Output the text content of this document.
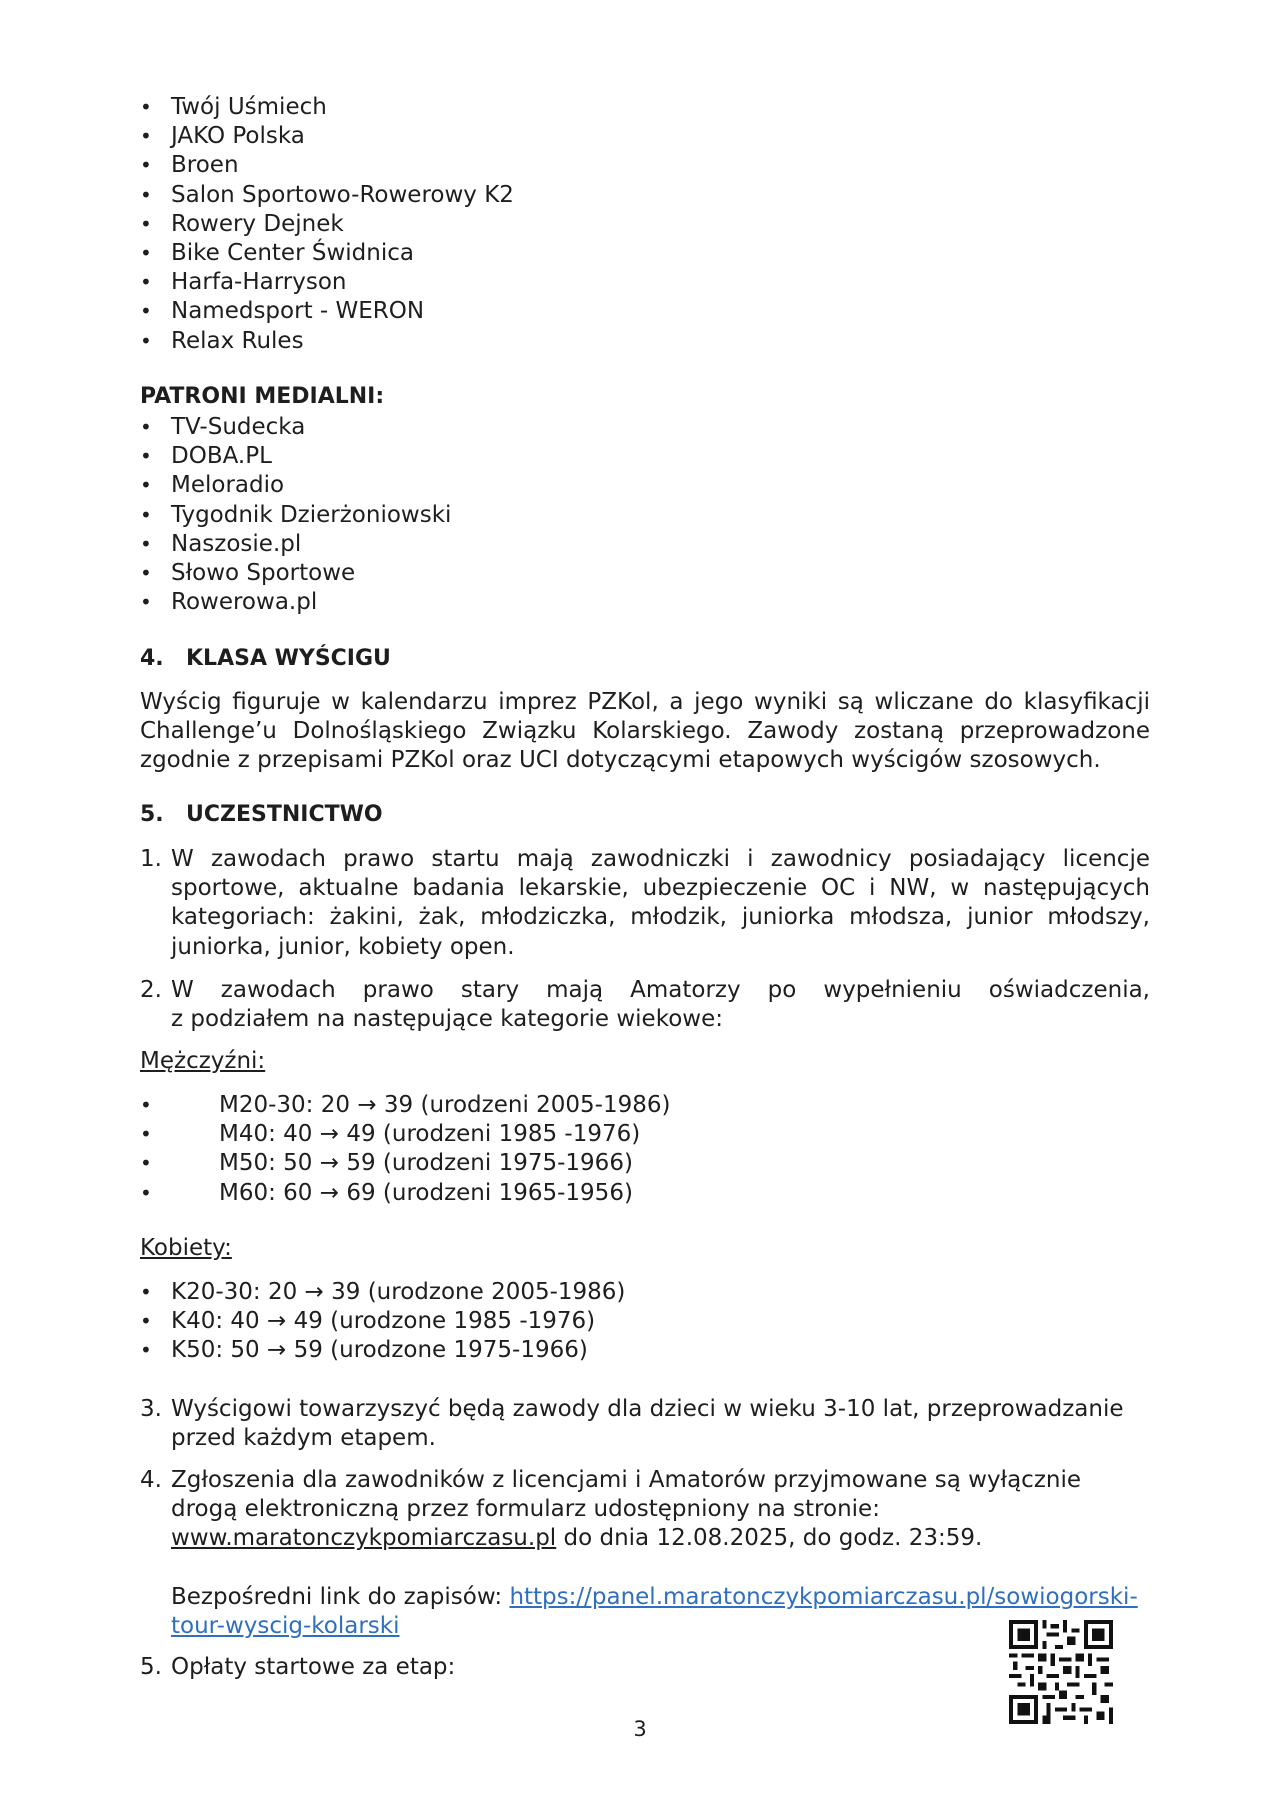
• Twój Uśmiech
• JAKO Polska
• Broen
• Salon Sportowo-Rowerowy K2
• Rowery Dejnek
• Bike Center Świdnica
• Harfa-Harryson
• Namedsport - WERON
• Relax Rules
PATRONI MEDIALNI:
• TV-Sudecka
• DOBA.PL
• Meloradio
• Tygodnik Dzierżoniowski
• Naszosie.pl
• Słowo Sportowe
• Rowerowa.pl
4. KLASA WYŚCIGU
Wyścig figuruje w kalendarzu imprez PZKol, a jego wyniki są wliczane do klasyfikacji
Challenge’u Dolnośląskiego Związku Kolarskiego. Zawody zostaną przeprowadzone
zgodnie z przepisami PZKol oraz UCI dotyczącymi etapowych wyścigów szosowych.
5. UCZESTNICTWO
1. W zawodach prawo startu mają zawodniczki i zawodnicy posiadający licencje
sportowe, aktualne badania lekarskie, ubezpieczenie OC i NW, w następujących
kategoriach: żakini, żak, młodziczka, młodzik, juniorka młodsza, junior młodszy,
juniorka, junior, kobiety open.
2. W zawodach prawo stary mają Amatorzy po wypełnieniu oświadczenia,
z podziałem na następujące kategorie wiekowe:
Mężczyźni:
• M20-30: 20 → 39 (urodzeni 2005-1986)
• M40: 40 → 49 (urodzeni 1985 -1976)
• M50: 50 → 59 (urodzeni 1975-1966)
• M60: 60 → 69 (urodzeni 1965-1956)
Kobiety:
• K20-30: 20 → 39 (urodzone 2005-1986)
• K40: 40 → 49 (urodzone 1985 -1976)
• K50: 50 → 59 (urodzone 1975-1966)
3. Wyścigowi towarzyszyć będą zawody dla dzieci w wieku 3-10 lat, przeprowadzanie
przed każdym etapem.
4. Zgłoszenia dla zawodników z licencjami i Amatorów przyjmowane są wyłącznie
drogą elektroniczną przez formularz udostępniony na stronie:
www.maratonczykpomiarczasu.pl do dnia 12.08.2025, do godz. 23:59.
Bezpośredni link do zapisów: https://panel.maratonczykpomiarczasu.pl/sowiogorski-
tour-wyscig-kolarski
5. Opłaty startowe za etap:
3
